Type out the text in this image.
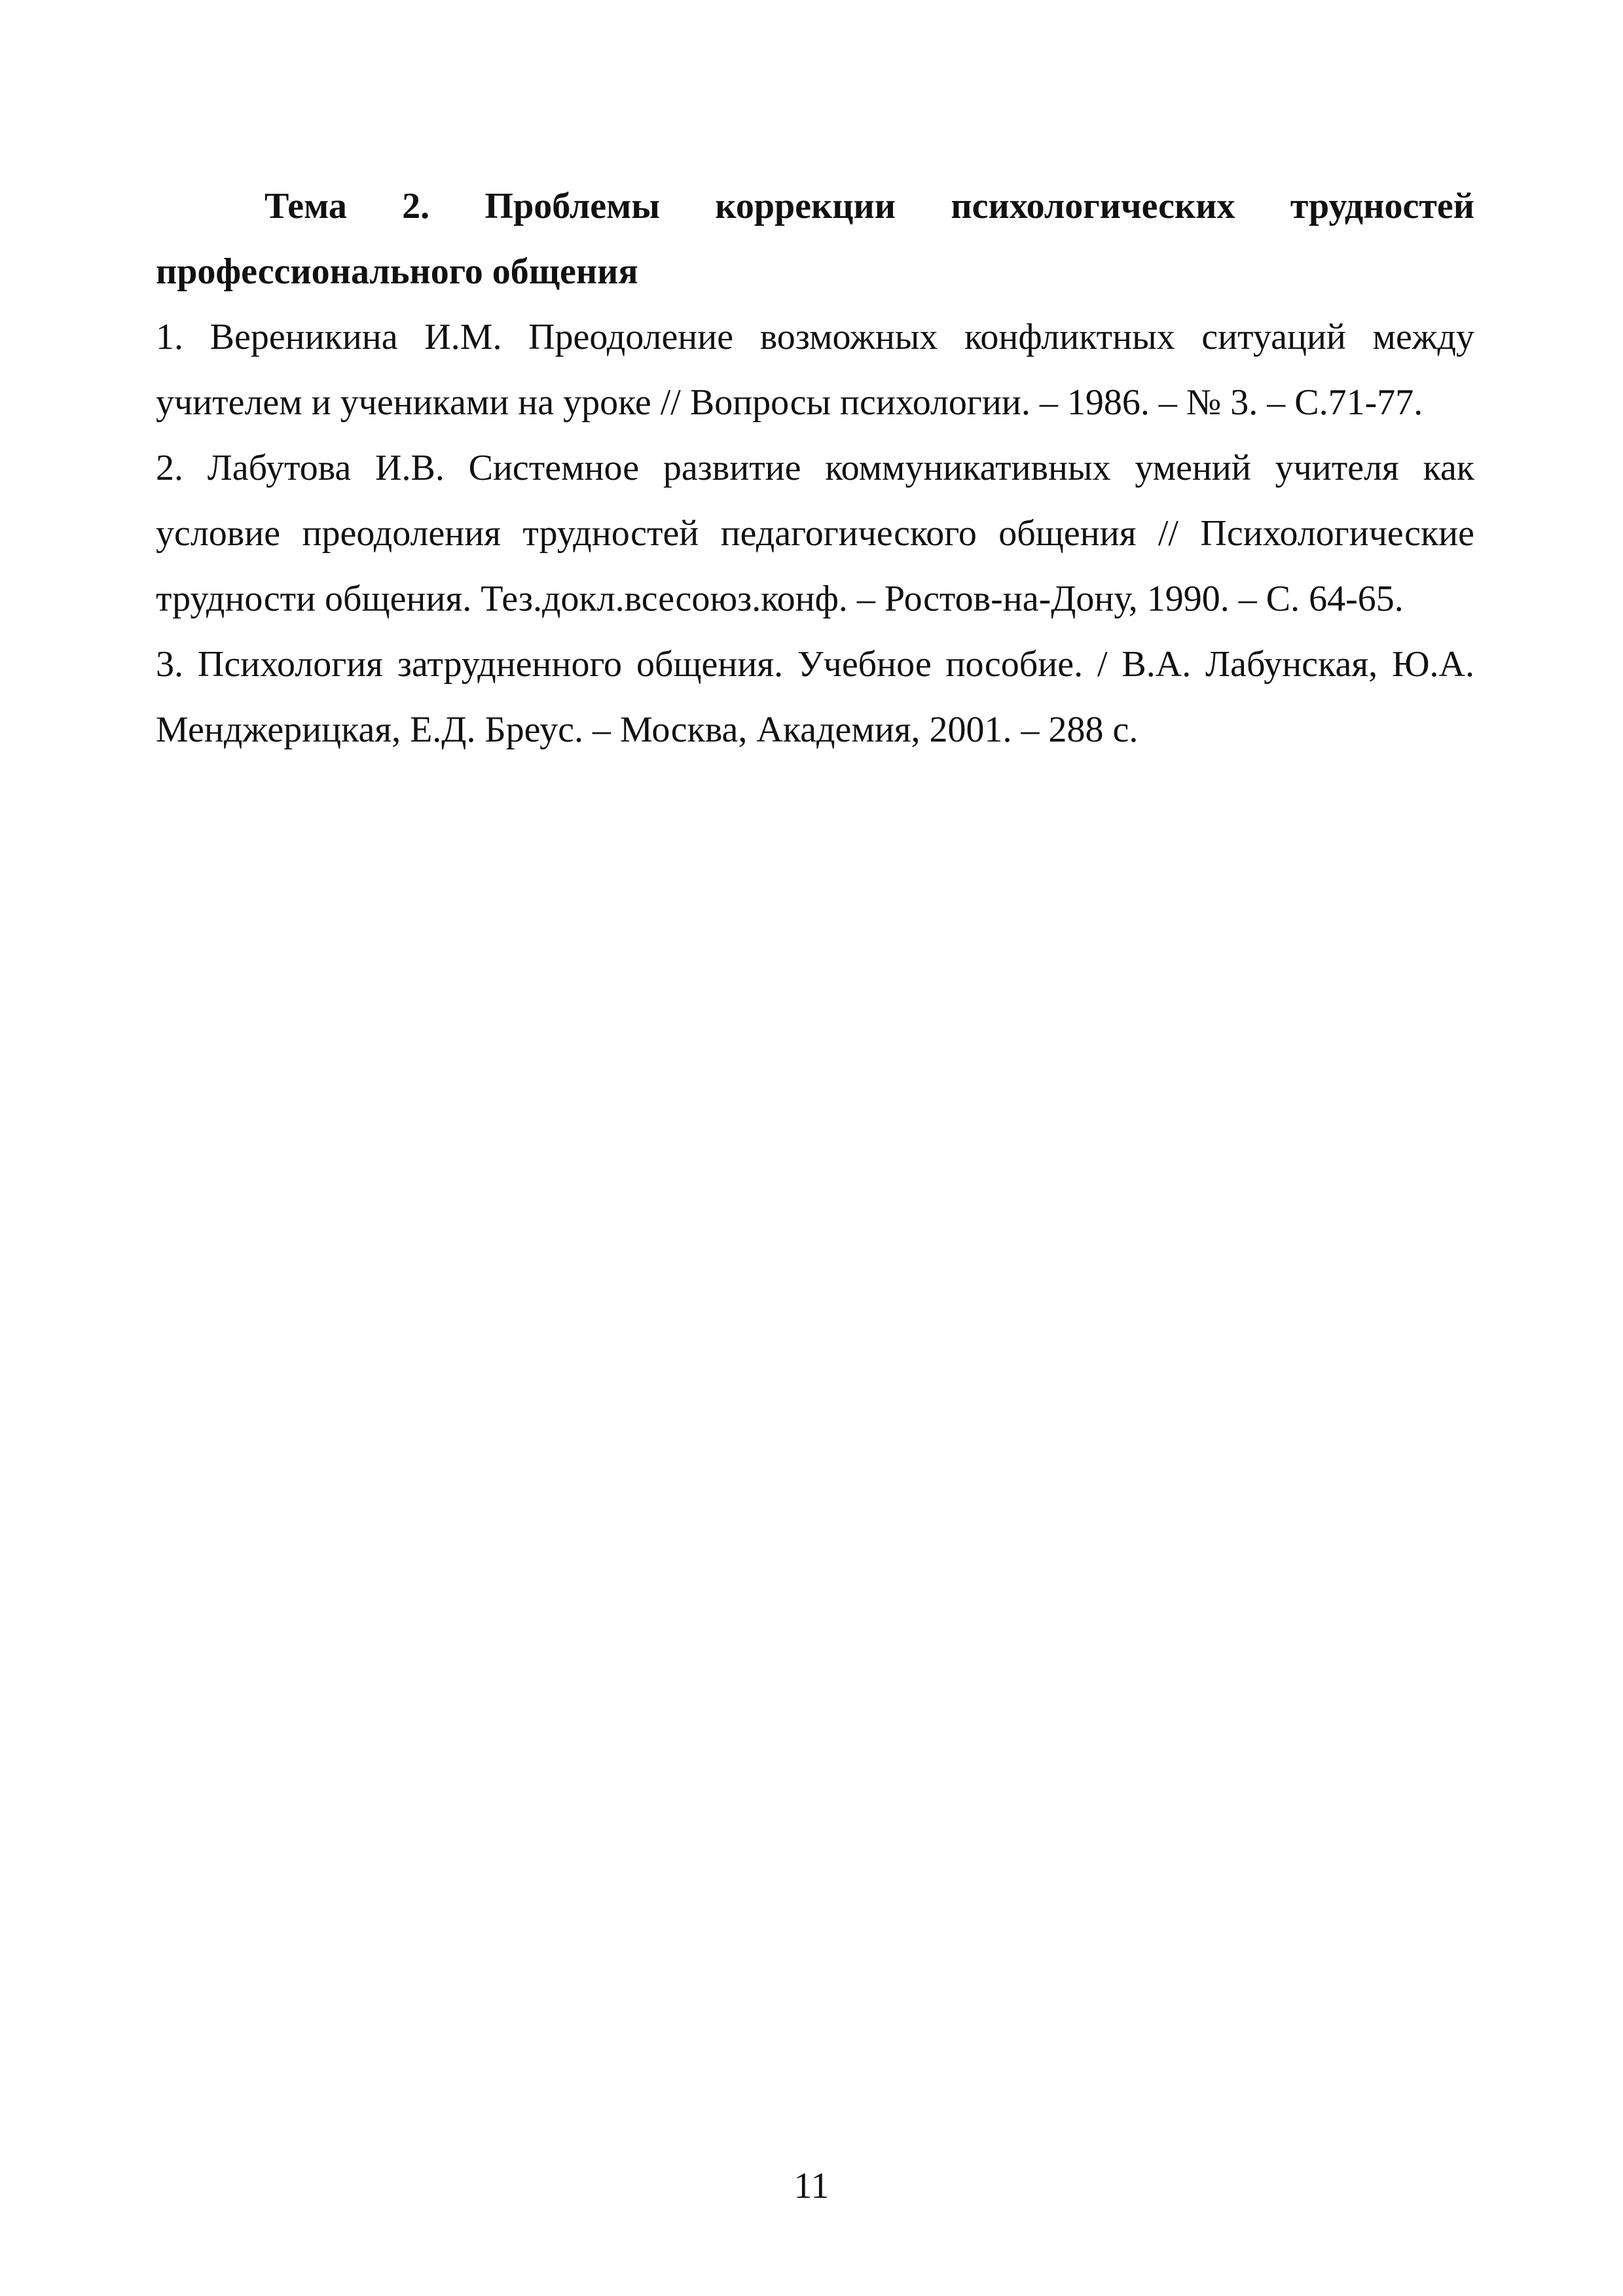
Тема 2. Проблемы коррекции психологических трудностей профессионального общения

1. Вереникина И.М. Преодоление возможных конфликтных ситуаций между учителем и учениками на уроке // Вопросы психологии. – 1986. – № 3. – С.71-77.

2. Лабутова И.В. Системное развитие коммуникативных умений учителя как условие преодоления трудностей педагогического общения // Психологические трудности общения. Тез.докл.всесоюз.конф. – Ростов-на-Дону, 1990. – С. 64-65.

3. Психология затрудненного общения. Учебное пособие. / В.А. Лабунская, Ю.А. Менджерицкая, Е.Д. Бреус. – Москва, Академия, 2001. – 288 с.

11
